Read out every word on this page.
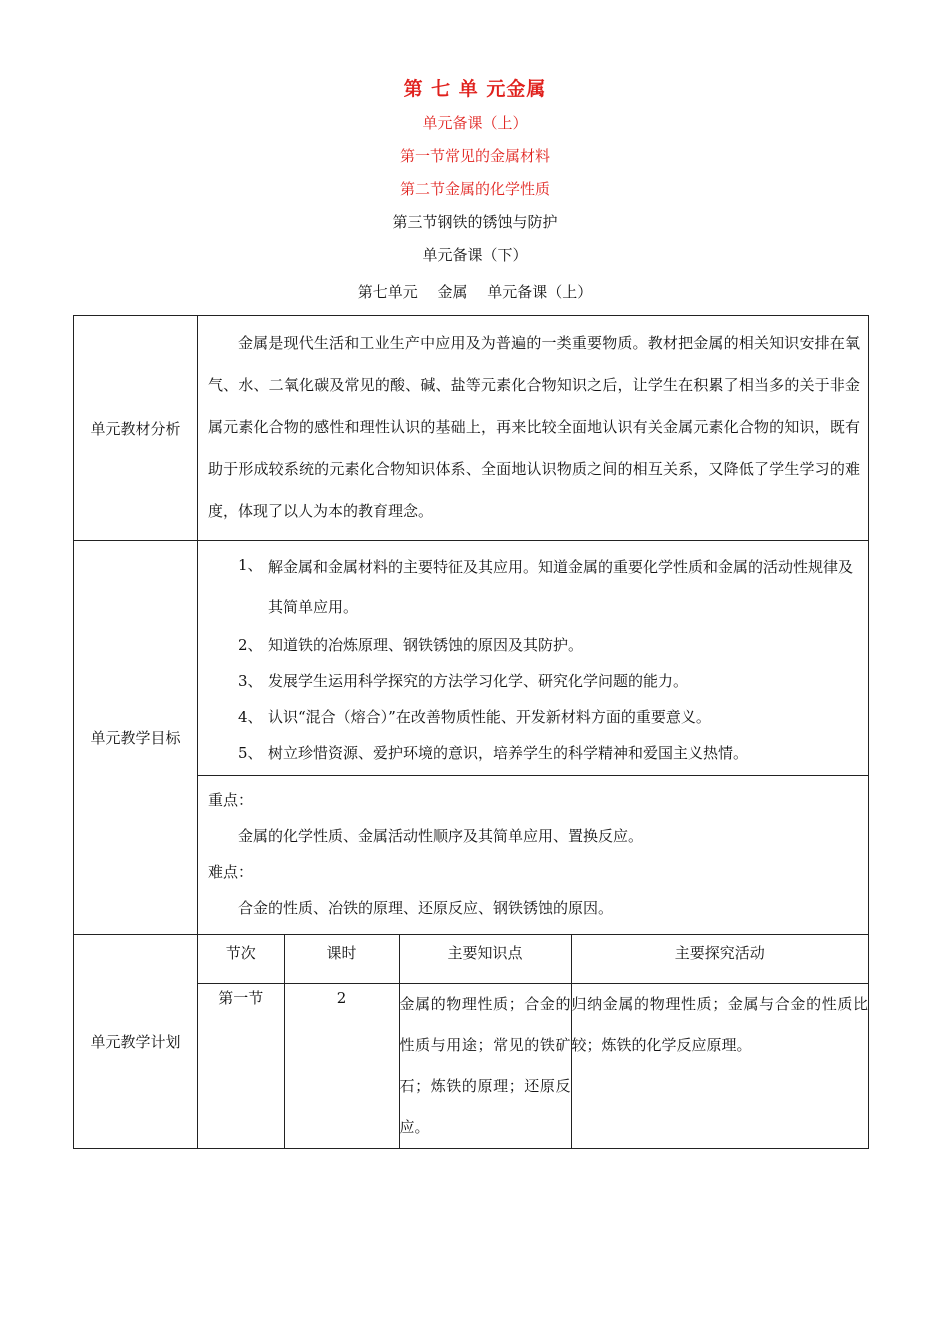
第 七 单 元金属
单元备课（上）
第一节常见的金属材料
第二节金属的化学性质
第三节钢铁的锈蚀与防护
单元备课（下）
第七单元　 金属　 单元备课（上）
单元教材分析
	金属是现代生活和工业生产中应用及为普遍的一类重要物质。教材把金属的相关知识安排在氧气、水、二氧化碳及常见的酸、碱、盐等元素化合物知识之后，让学生在积累了相当多的关于非金属元素化合物的感性和理性认识的基础上，再来比较全面地认识有关金属元素化合物的知识，既有助于形成较系统的元素化合物知识体系、全面地认识物质之间的相互关系，又降低了学生学习的难度，体现了以人为本的教育理念。

单元教学目标

1、 解金属和金属材料的主要特征及其应用。知道金属的重要化学性质和金属的活动性规律及其简单应用。
2、 知道铁的冶炼原理、钢铁锈蚀的原因及其防护。
3、 发展学生运用科学探究的方法学习化学、研究化学问题的能力。
4、 认识“混合（熔合）”在改善物质性能、开发新材料方面的重要意义。
5、 树立珍惜资源、爱护环境的意识，培养学生的科学精神和爱国主义热情。

重点：
金属的化学性质、金属活动性顺序及其简单应用、置换反应。
难点：
合金的性质、冶铁的原理、还原反应、钢铁锈蚀的原因。

单元教学计划

节次	课时	主要知识点	主要探究活动
第一节	2	金属的物理性质；合金的性质与用途；常见的铁矿石；炼铁的原理；还原反应。	归纳金属的物理性质；金属与合金的性质比较；炼铁的化学反应原理。
